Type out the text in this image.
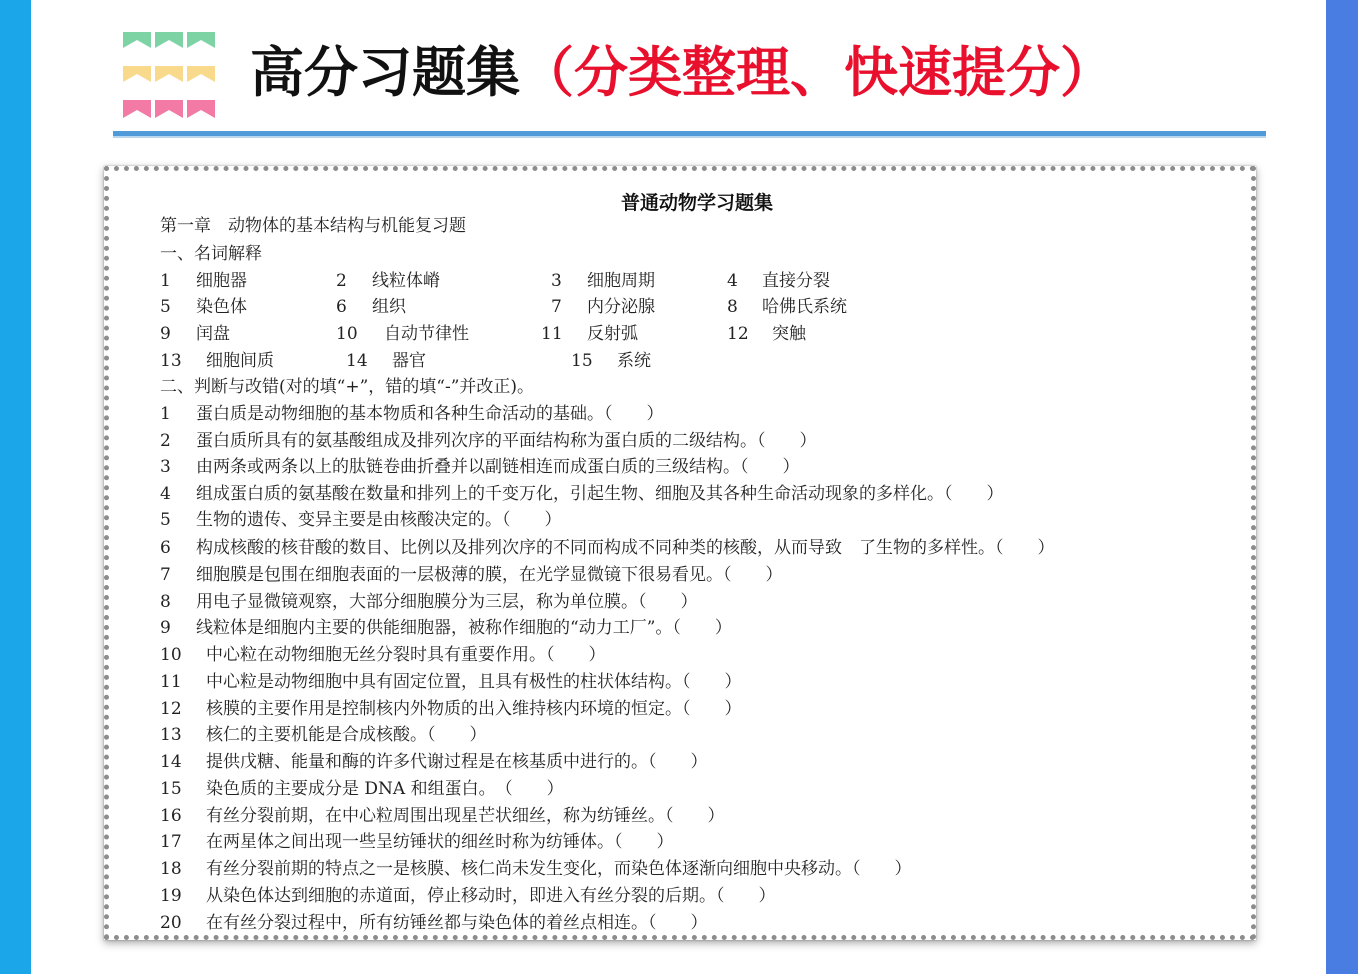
高分习题集（分类整理、快速提分）
普通动物学习题集
第一章　动物体的基本结构与机能复习题
一、名词解释
1 细胞器	2 线粒体嵴	3 细胞周期	4 直接分裂
5 染色体	6 组织	7 内分泌腺	8 哈佛氏系统
9 闰盘	10 自动节律性	11 反射弧	12 突触
13 细胞间质	14 器官	15 系统
二、判断与改错(对的填“+”，错的填“-”并改正)。
1 蛋白质是动物细胞的基本物质和各种生命活动的基础。（　　）
2 蛋白质所具有的氨基酸组成及排列次序的平面结构称为蛋白质的二级结构。（　　）
3 由两条或两条以上的肽链卷曲折叠并以副链相连而成蛋白质的三级结构。（　　）
4 组成蛋白质的氨基酸在数量和排列上的千变万化，引起生物、细胞及其各种生命活动现象的多样化。（　　）
5 生物的遗传、变异主要是由核酸决定的。（　　）
6 构成核酸的核苷酸的数目、比例以及排列次序的不同而构成不同种类的核酸，从而导致　了生物的多样性。（　　）
7 细胞膜是包围在细胞表面的一层极薄的膜，在光学显微镜下很易看见。（　　）
8 用电子显微镜观察，大部分细胞膜分为三层，称为单位膜。（　　）
9 线粒体是细胞内主要的供能细胞器，被称作细胞的“动力工厂”。（　　）
10 中心粒在动物细胞无丝分裂时具有重要作用。（　　）
11 中心粒是动物细胞中具有固定位置，且具有极性的柱状体结构。（　　）
12 核膜的主要作用是控制核内外物质的出入维持核内环境的恒定。（　　）
13 核仁的主要机能是合成核酸。（　　）
14 提供戊糖、能量和酶的许多代谢过程是在核基质中进行的。（　　）
15 染色质的主要成分是 DNA 和组蛋白。　（　　）
16 有丝分裂前期，在中心粒周围出现星芒状细丝，称为纺锤丝。（　　）
17 在两星体之间出现一些呈纺锤状的细丝时称为纺锤体。（　　）
18 有丝分裂前期的特点之一是核膜、核仁尚未发生变化，而染色体逐渐向细胞中央移动。（　　）
19 从染色体达到细胞的赤道面，停止移动时，即进入有丝分裂的后期。（　　）
20 在有丝分裂过程中，所有纺锤丝都与染色体的着丝点相连。（　　）
